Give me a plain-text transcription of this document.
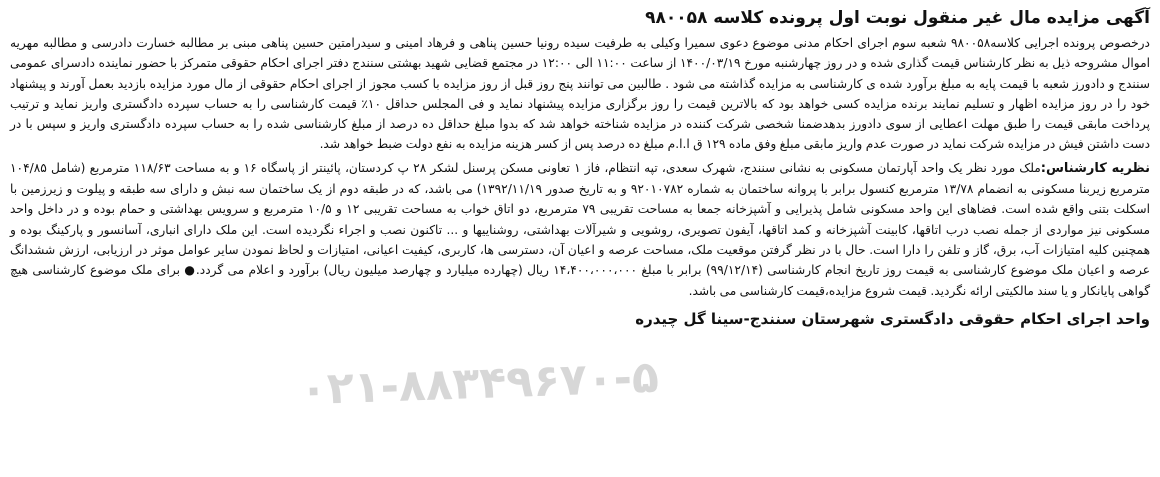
آگهی مزایده مال غیر منقول نوبت اول پرونده کلاسه ۹۸۰۰۵۸

درخصوص پرونده اجرایی کلاسه۹۸۰۰۵۸ شعبه سوم اجرای احکام مدنی موضوع دعوی سمیرا وکیلی به طرفیت سیده رونیا حسین پناهی و فرهاد امینی و سیدرامتین حسین پناهی مبنی بر مطالبه خسارت دادرسی و مطالبه مهریه اموال مشروحه ذیل به نظر کارشناس قیمت گذاری شده و در روز چهارشنبه مورخ ۱۴۰۰/۰۳/۱۹ از ساعت ۱۱:۰۰ الی ۱۲:۰۰ در مجتمع قضایی شهید بهشتی سنندج دفتر اجرای احکام حقوقی متمرکز با حضور نماینده دادسرای عمومی سنندج و دادورز شعبه با قیمت پایه به مبلغ برآورد شده ی کارشناسی به مزایده گذاشته می شود . طالبین می توانند پنج روز قبل از روز مزایده با کسب مجوز از اجرای احکام حقوقی از مال مورد مزایده بازدید بعمل آورند و پیشنهاد خود را در روز مزایده اظهار و تسلیم نمایند برنده مزایده کسی خواهد بود که بالاترین قیمت را روز برگزاری مزایده پیشنهاد نماید و فی المجلس حداقل ۱۰٪ قیمت کارشناسی را به حساب سپرده دادگستری واریز نماید و ترتیب پرداخت مابقی قیمت را طبق مهلت اعطایی از سوی دادورز بدهدضمنا شخصی شرکت کننده در مزایده شناخته خواهد شد که بدوا مبلغ حداقل ده درصد از مبلغ کارشناسی شده را به حساب سپرده دادگستری واریز و سپس با در دست داشتن فیش در مزایده شرکت نماید در صورت عدم واریز مابقی مبلغ وفق ماده ۱۲۹ ق ا.ا.م مبلغ ده درصد پس از کسر هزینه مزایده به نفع دولت ضبط خواهد شد.

نظریه کارشناس:ملک مورد نظر یک واحد آپارتمان مسکونی به نشانی سنندج، شهرک سعدی، تپه انتظام، فاز ۱ تعاونی مسکن پرسنل لشکر ۲۸ پ کردستان، پائینتر از پاسگاه ۱۶ و به مساحت ۱۱۸/۶۳ مترمربع (شامل ۱۰۴/۸۵ مترمربع زیربنا مسکونی به انضمام ۱۳/۷۸ مترمربع کنسول برابر با پروانه ساختمان به شماره ۹۲۰۱۰۷۸۲ و به تاریخ صدور ۱۳۹۲/۱۱/۱۹) می باشد، که در طبقه دوم از یک ساختمان سه نبش و دارای سه طبقه و پیلوت و زیرزمین با اسکلت بتنی واقع شده است. فضاهای این واحد مسکونی شامل پذیرایی و آشپزخانه جمعا به مساحت تقریبی ۷۹ مترمربع، دو اتاق خواب به مساحت تقریبی ۱۲ و ۱۰/۵ مترمربع و سرویس بهداشتی و حمام بوده و در داخل واحد مسکونی نیز مواردی از جمله نصب درب اتاقها، کابینت آشپزخانه و کمد اتاقها، آیفون تصویری، روشویی و شیرآلات بهداشتی، روشناییها و ... تاکنون نصب و اجراء نگردیده است. این ملک دارای انباری، آسانسور و پارکینگ بوده و همچنین کلیه امتیازات آب، برق، گاز و تلفن را دارا است. حال با در نظر گرفتن موقعیت ملک، مساحت عرصه و اعیان آن، دسترسی ها، کاربری، کیفیت اعیانی، امتیازات و لحاظ نمودن سایر عوامل موثر در ارزیابی، ارزش ششدانگ عرصه و اعیان ملک موضوع کارشناسی به قیمت روز تاریخ انجام کارشناسی (۹۹/۱۲/۱۴) برابر با مبلغ ۱۴،۴۰۰،۰۰۰،۰۰۰ ریال (چهارده میلیارد و چهارصد میلیون ریال) برآورد و اعلام می گردد.● برای ملک موضوع کارشناسی هیچ گواهی پایانکار و یا سند مالکیتی ارائه نگردید. قیمت شروع مزایده،قیمت کارشناسی می باشد.

واحد اجرای احکام حقوقی دادگستری شهرستان سنندج-سینا گل چیدره
۰۲۱-۸۸۳۴۹۶۷۰-۵
